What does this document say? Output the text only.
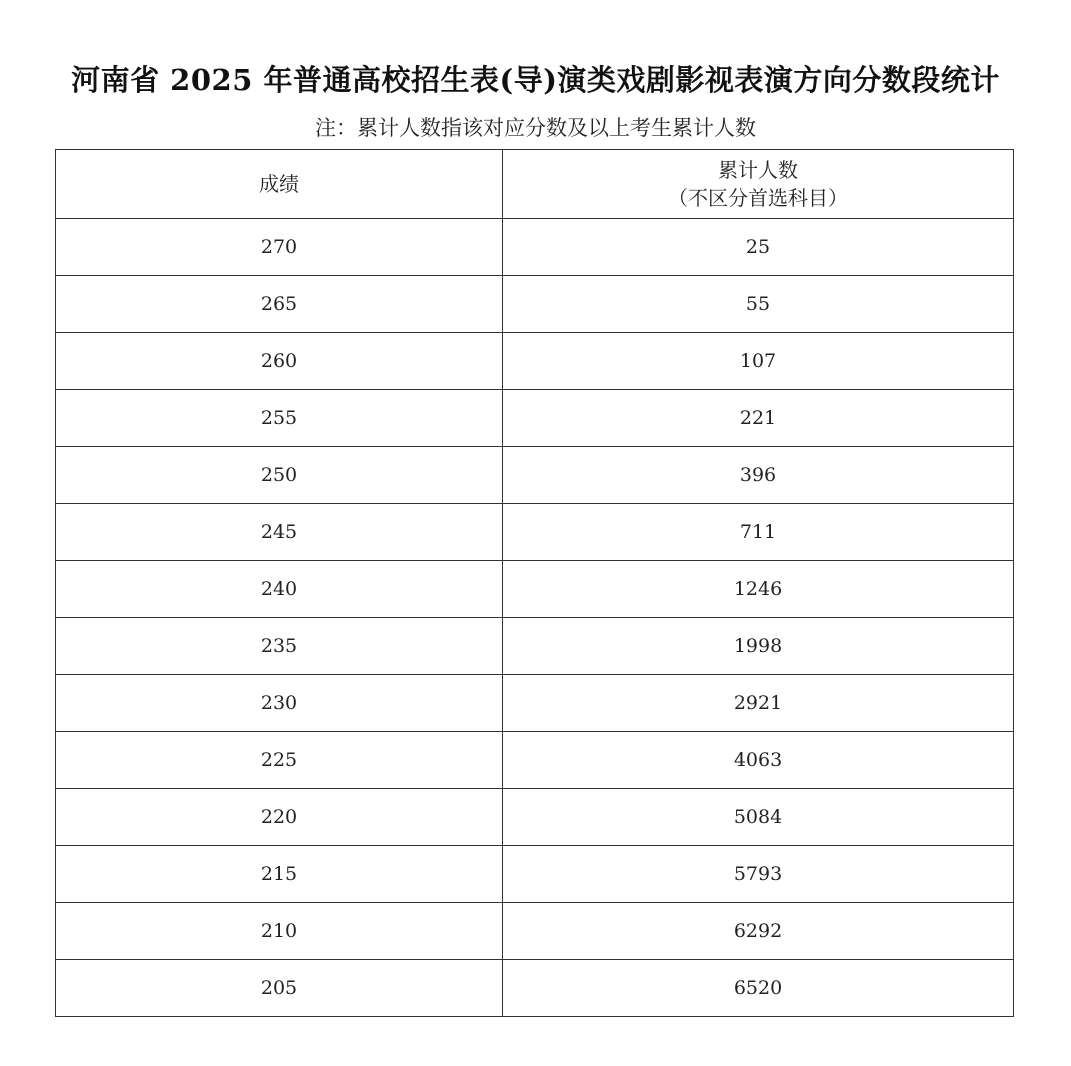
河南省 2025 年普通高校招生表(导)演类戏剧影视表演方向分数段统计
注：累计人数指该对应分数及以上考生累计人数
成绩	累计人数
（不区分首选科目）

270	25
265	55
260	107
255	221
250	396
245	711
240	1246
235	1998
230	2921
225	4063
220	5084
215	5793
210	6292
205	6520
